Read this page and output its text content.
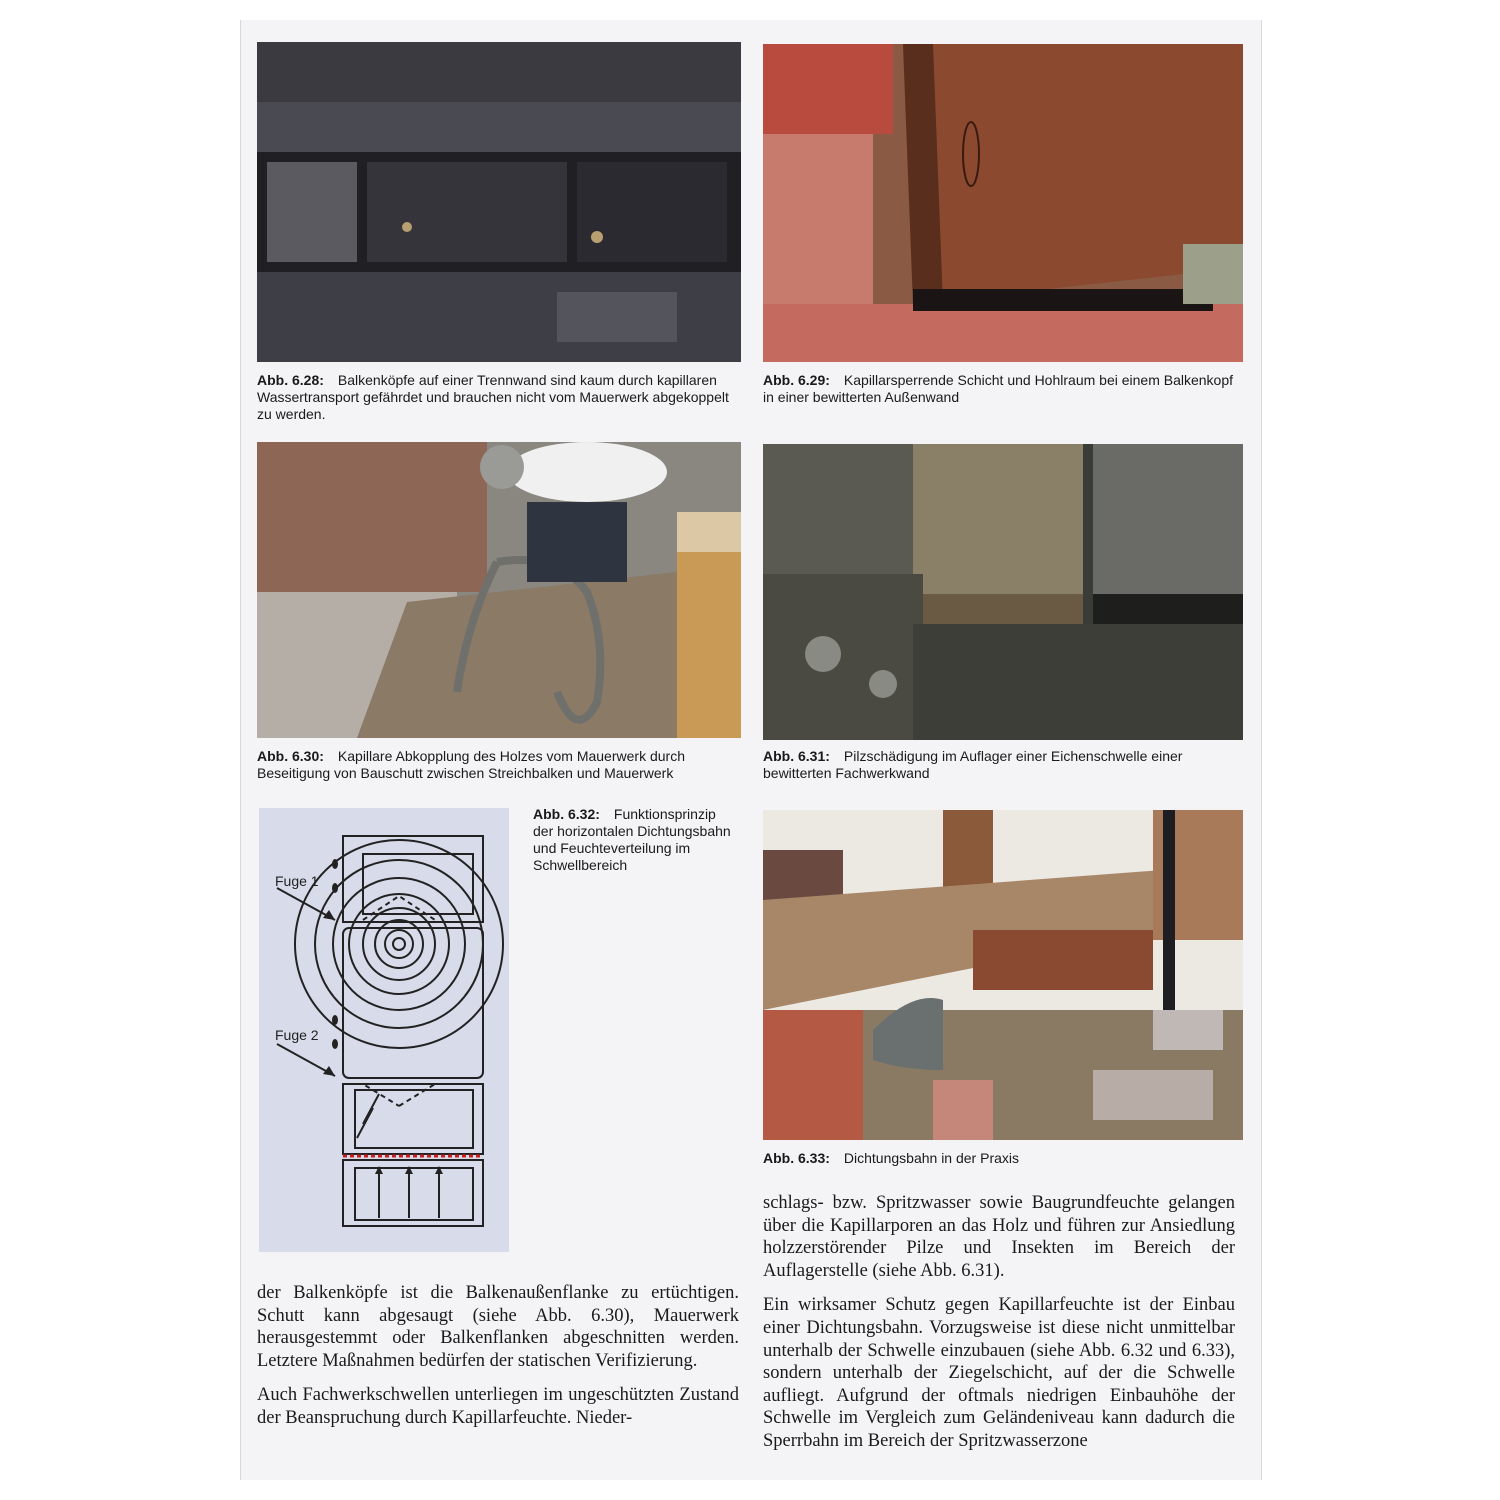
Abb. 6.28: Balkenköpfe auf einer Trennwand sind kaum durch kapillaren Wassertransport gefährdet und brauchen nicht vom Mauerwerk abgekoppelt zu werden.
Abb. 6.29: Kapillarsperrende Schicht und Hohlraum bei einem Balkenkopf in einer bewitterten Außenwand
Abb. 6.30: Kapillare Abkopplung des Holzes vom Mauerwerk durch Beseitigung von Bauschutt zwischen Streichbalken und Mauerwerk
Abb. 6.31: Pilzschädigung im Auflager einer Eichenschwelle einer bewitterten Fachwerkwand
Fuge 1
Fuge 2
Abb. 6.32: Funktionsprinzip der horizontalen Dichtungsbahn und Feuchteverteilung im Schwellbereich
Abb. 6.33: Dichtungsbahn in der Praxis

der Balkenköpfe ist die Balkenaußenflanke zu ertüchtigen. Schutt kann abgesaugt (siehe Abb. 6.30), Mauerwerk herausgestemmt oder Balkenflanken abgeschnitten werden. Letztere Maßnahmen bedürfen der statischen Verifizierung.

Auch Fachwerkschwellen unterliegen im ungeschützten Zustand der Beanspruchung durch Kapillarfeuchte. Nieder-

schlags- bzw. Spritzwasser sowie Baugrundfeuchte gelangen über die Kapillarporen an das Holz und führen zur Ansiedlung holzzerstörender Pilze und Insekten im Bereich der Auflagerstelle (siehe Abb. 6.31).

Ein wirksamer Schutz gegen Kapillarfeuchte ist der Einbau einer Dichtungsbahn. Vorzugsweise ist diese nicht unmittelbar unterhalb der Schwelle einzubauen (siehe Abb. 6.32 und 6.33), sondern unterhalb der Ziegelschicht, auf der die Schwelle aufliegt. Aufgrund der oftmals niedrigen Einbauhöhe der Schwelle im Vergleich zum Geländeniveau kann dadurch die Sperrbahn im Bereich der Spritzwasserzone
